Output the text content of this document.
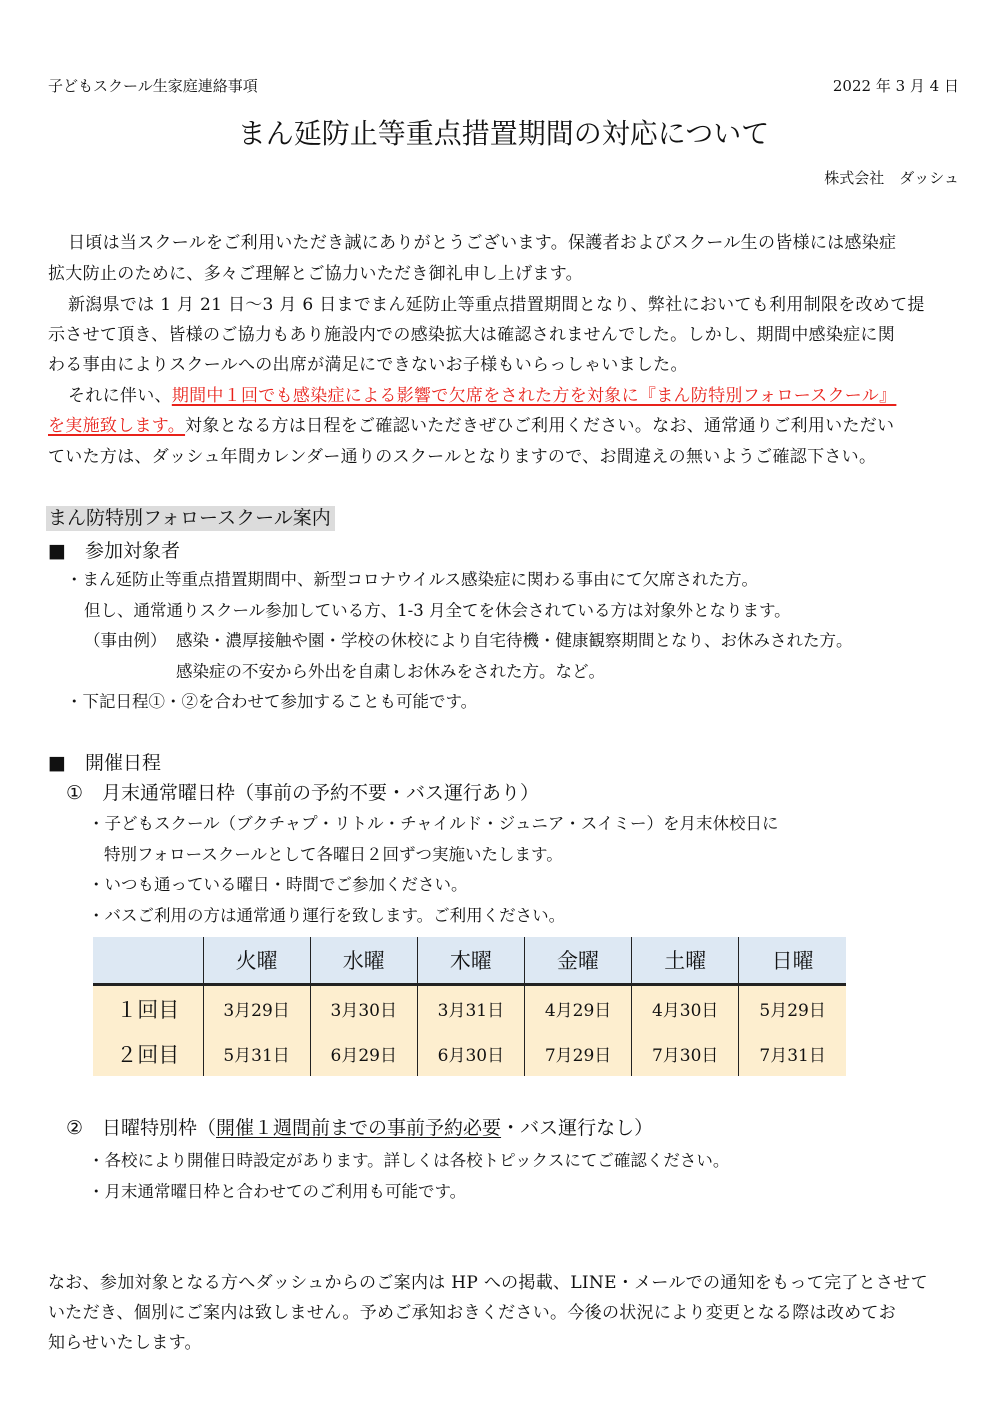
子どもスクール生家庭連絡事項	2022 年 3 月 4 日
まん延防止等重点措置期間の対応について
株式会社　ダッシュ
日頃は当スクールをご利用いただき誠にありがとうございます。保護者およびスクール生の皆様には感染症
拡大防止のために、多々ご理解とご協力いただき御礼申し上げます。
新潟県では 1 月 21 日～3 月 6 日までまん延防止等重点措置期間となり、弊社においても利用制限を改めて提
示させて頂き、皆様のご協力もあり施設内での感染拡大は確認されませんでした。しかし、期間中感染症に関
わる事由によりスクールへの出席が満足にできないお子様もいらっしゃいました。
それに伴い、期間中１回でも感染症による影響で欠席をされた方を対象に『まん防特別フォロースクール』
を実施致します。対象となる方は日程をご確認いただきぜひご利用ください。なお、通常通りご利用いただい
ていた方は、ダッシュ年間カレンダー通りのスクールとなりますので、お間違えの無いようご確認下さい。
まん防特別フォロースクール案内
■　参加対象者
・まん延防止等重点措置期間中、新型コロナウイルス感染症に関わる事由にて欠席された方。
但し、通常通りスクール参加している方、1-3 月全てを休会されている方は対象外となります。
（事由例） 感染・濃厚接触や園・学校の休校により自宅待機・健康観察期間となり、お休みされた方。
感染症の不安から外出を自粛しお休みをされた方。など。
・下記日程①・②を合わせて参加することも可能です。
■　開催日程
①　月末通常曜日枠（事前の予約不要・バス運行あり）
・子どもスクール（ブクチャプ・リトル・チャイルド・ジュニア・スイミー）を月末休校日に
特別フォロースクールとして各曜日２回ずつ実施いたします。
・いつも通っている曜日・時間でご参加ください。
・バスご利用の方は通常通り運行を致します。ご利用ください。
	火曜	水曜	木曜	金曜	土曜	日曜
１回目	3月29日	3月30日	3月31日	4月29日	4月30日	5月29日
２回目	5月31日	6月29日	6月30日	7月29日	7月30日	7月31日
②　日曜特別枠（開催１週間前までの事前予約必要・バス運行なし）
・各校により開催日時設定があります。詳しくは各校トピックスにてご確認ください。
・月末通常曜日枠と合わせてのご利用も可能です。
なお、参加対象となる方へダッシュからのご案内は HP への掲載、LINE・メールでの通知をもって完了とさせて
いただき、個別にご案内は致しません。予めご承知おきください。今後の状況により変更となる際は改めてお
知らせいたします。
